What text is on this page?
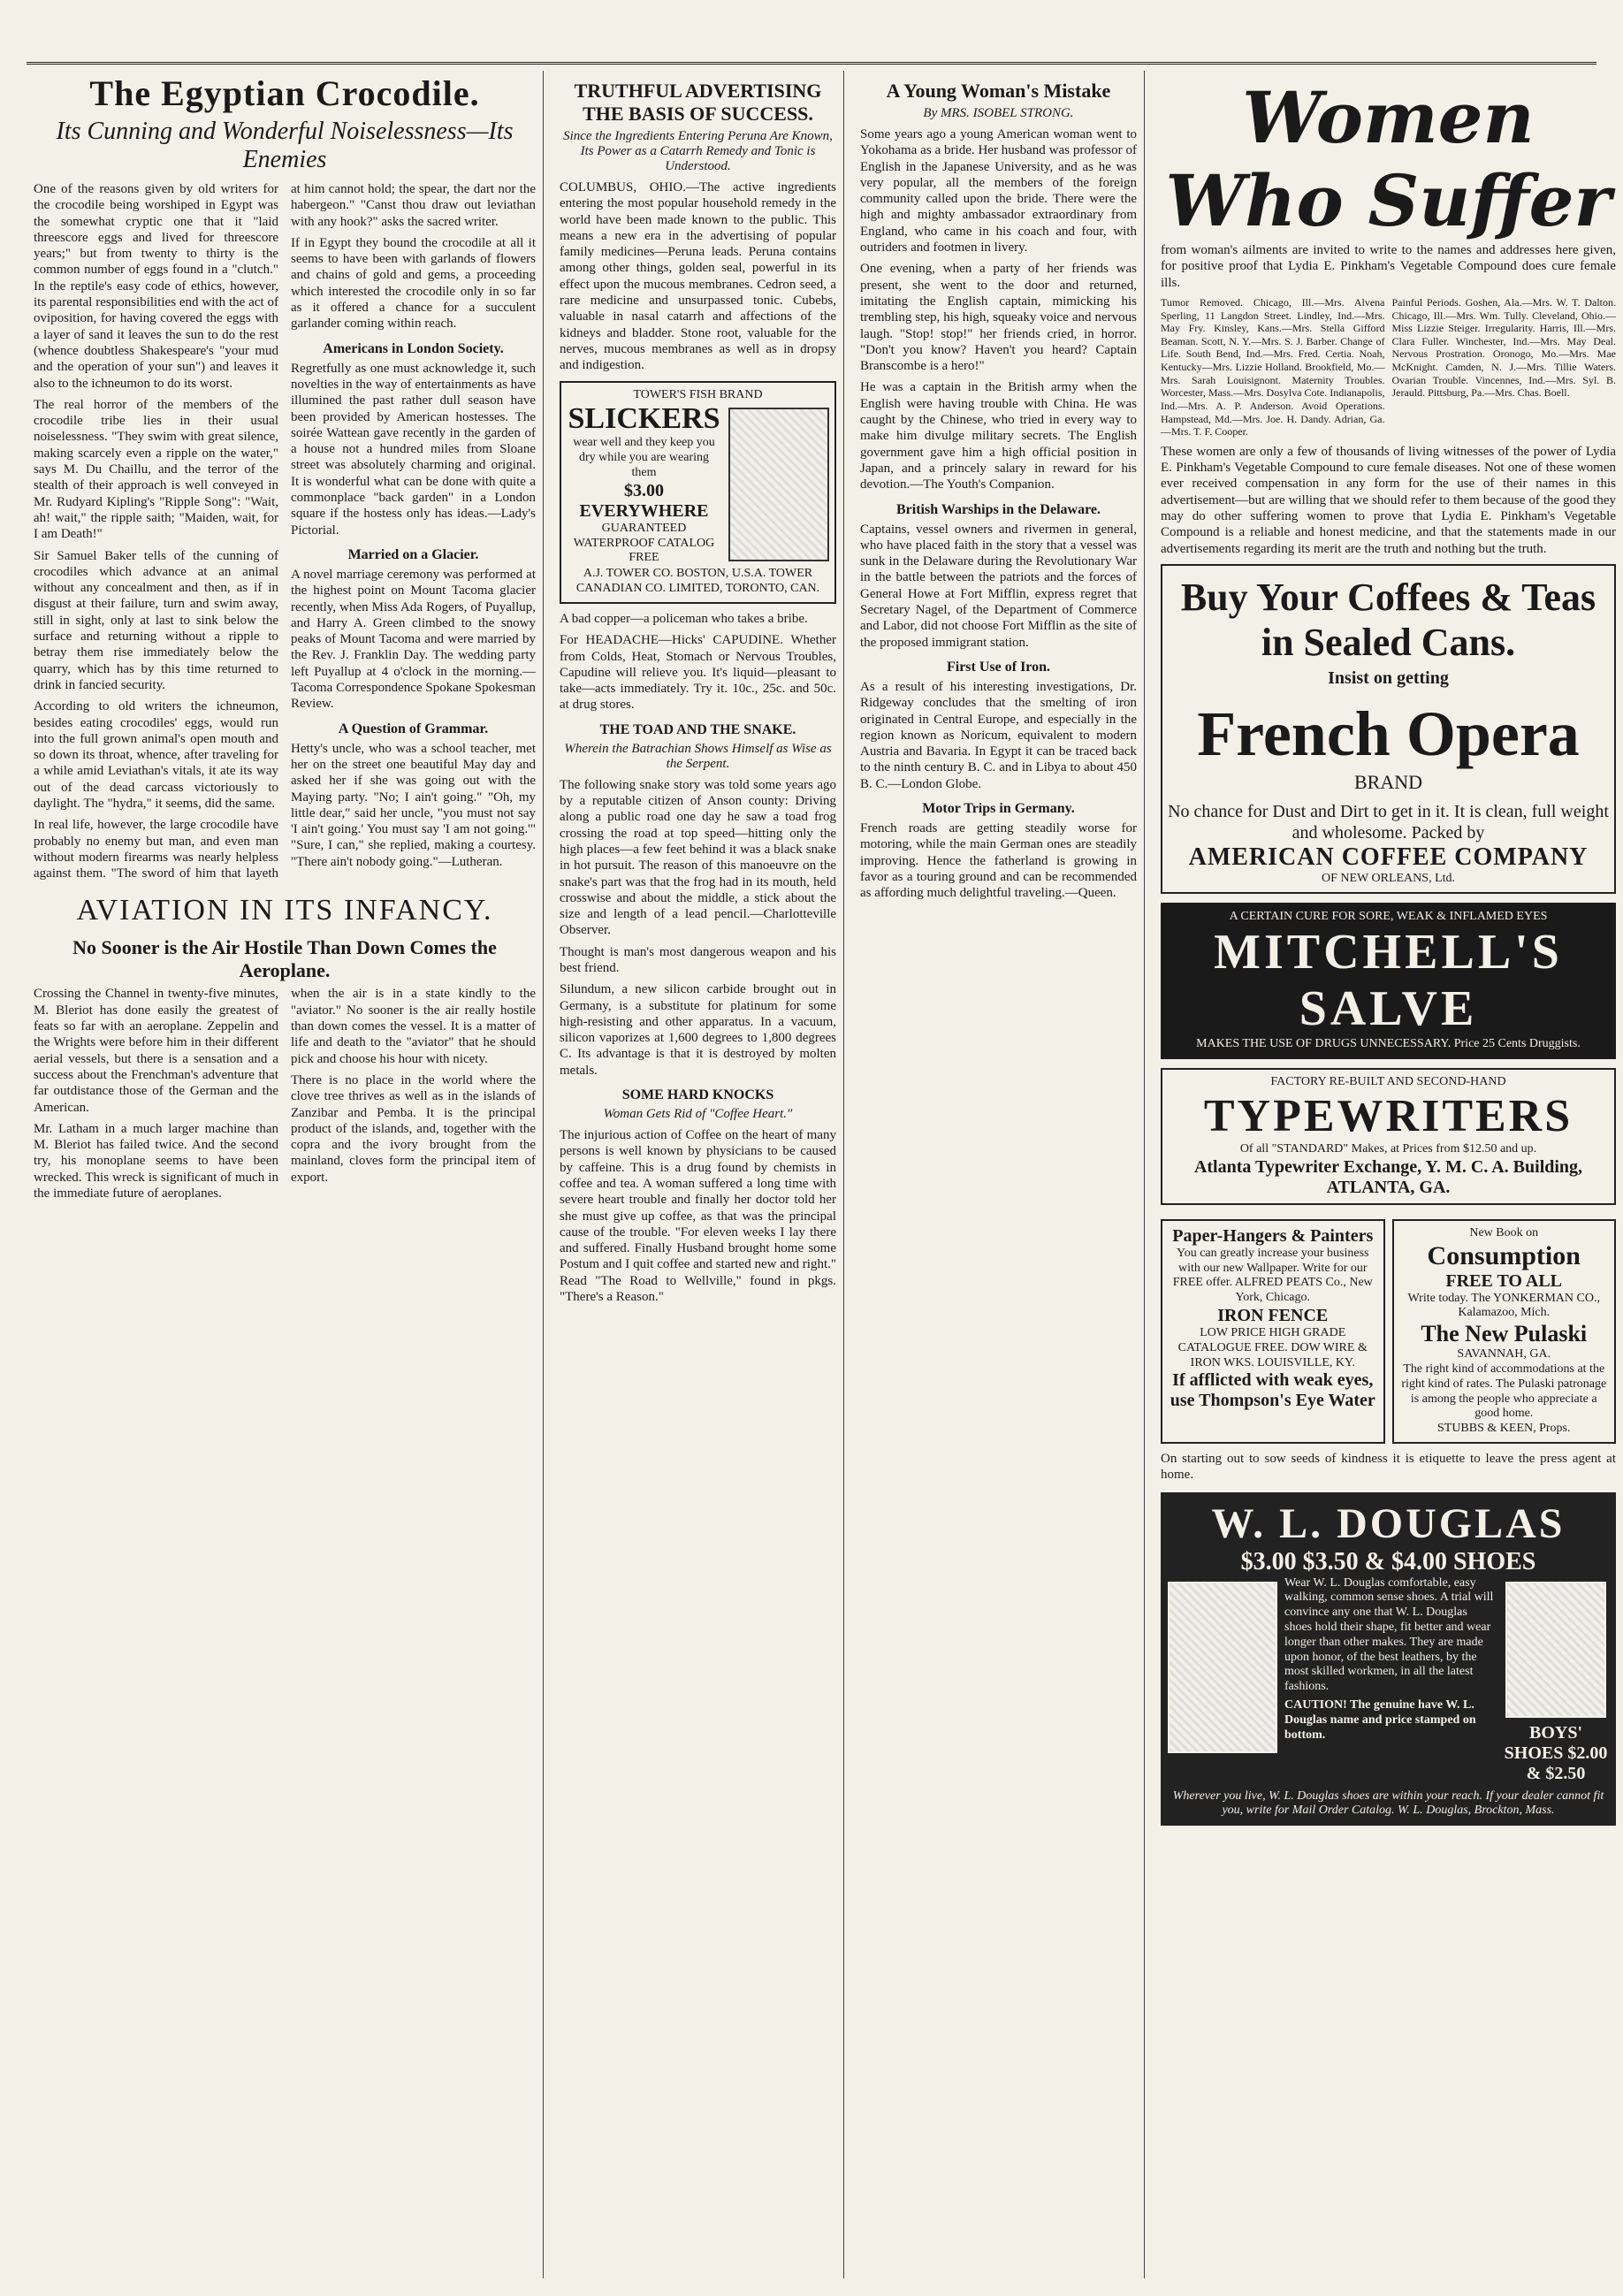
The Egyptian Crocodile.
Its Cunning and Wonderful Noiselessness—Its Enemies

One of the reasons given by old writers for the crocodile being worshiped in Egypt was the somewhat cryptic one that it "laid threescore eggs and lived for threescore years;" but from twenty to thirty is the common number of eggs found in a "clutch." In the reptile's easy code of ethics, however, its parental responsibilities end with the act of oviposition, for having covered the eggs with a layer of sand it leaves the sun to do the rest (whence doubtless Shakespeare's "your mud and the operation of your sun") and leaves it also to the ichneumon to do its worst.

The real horror of the members of the crocodile tribe lies in their usual noiselessness. "They swim with great silence, making scarcely even a ripple on the water," says M. Du Chaillu, and the terror of the stealth of their approach is well conveyed in Mr. Rudyard Kipling's "Ripple Song": "Wait, ah! wait," the ripple saith; "Maiden, wait, for I am Death!"

Sir Samuel Baker tells of the cunning of crocodiles which advance at an animal without any concealment and then, as if in disgust at their failure, turn and swim away, still in sight, only at last to sink below the surface and returning without a ripple to betray them rise immediately below the quarry, which has by this time returned to drink in fancied security.

According to old writers the ichneumon, besides eating crocodiles' eggs, would run into the full grown animal's open mouth and so down its throat, whence, after traveling for a while amid Leviathan's vitals, it ate its way out of the dead carcass victoriously to daylight. The "hydra," it seems, did the same.

In real life, however, the large crocodile have probably no enemy but man, and even man without modern firearms was nearly helpless against them. "The sword of him that layeth at him cannot hold; the spear, the dart nor the habergeon." "Canst thou draw out leviathan with any hook?" asks the sacred writer.

If in Egypt they bound the crocodile at all it seems to have been with garlands of flowers and chains of gold and gems, a proceeding which interested the crocodile only in so far as it offered a chance for a succulent garlander coming within reach.

Americans in London Society.

Regretfully as one must acknowledge it, such novelties in the way of entertainments as have illumined the past rather dull season have been provided by American hostesses. The soirée Wattean gave recently in the garden of a house not a hundred miles from Sloane street was absolutely charming and original. It is wonderful what can be done with quite a commonplace "back garden" in a London square if the hostess only has ideas.—Lady's Pictorial.

Married on a Glacier.

A novel marriage ceremony was performed at the highest point on Mount Tacoma glacier recently, when Miss Ada Rogers, of Puyallup, and Harry A. Green climbed to the snowy peaks of Mount Tacoma and were married by the Rev. J. Franklin Day. The wedding party left Puyallup at 4 o'clock in the morning.—Tacoma Correspondence Spokane Spokesman Review.

A Question of Grammar.

Hetty's uncle, who was a school teacher, met her on the street one beautiful May day and asked her if she was going out with the Maying party. "No; I ain't going." "Oh, my little dear," said her uncle, "you must not say 'I ain't going.' You must say 'I am not going.'" "Sure, I can," she replied, making a courtesy. "There ain't nobody going."—Lutheran.

AVIATION IN ITS INFANCY.
No Sooner is the Air Hostile Than Down Comes the Aeroplane.

Crossing the Channel in twenty-five minutes, M. Bleriot has done easily the greatest of feats so far with an aeroplane. Zeppelin and the Wrights were before him in their different aerial vessels, but there is a sensation and a success about the Frenchman's adventure that far outdistance those of the German and the American.

Mr. Latham in a much larger machine than M. Bleriot has failed twice. And the second try, his monoplane seems to have been wrecked. This wreck is significant of much in the immediate future of aeroplanes.

when the air is in a state kindly to the "aviator." No sooner is the air really hostile than down comes the vessel. It is a matter of life and death to the "aviator" that he should pick and choose his hour with nicety.

There is no place in the world where the clove tree thrives as well as in the islands of Zanzibar and Pemba. It is the principal product of the islands, and, together with the copra and the ivory brought from the mainland, cloves form the principal item of export.

TRUTHFUL ADVERTISING THE BASIS OF SUCCESS.
Since the Ingredients Entering Peruna Are Known, Its Power as a Catarrh Remedy and Tonic is Understood.

COLUMBUS, OHIO.—The active ingredients entering the most popular household remedy in the world have been made known to the public. This means a new era in the advertising of popular family medicines—Peruna leads. Peruna contains among other things, golden seal, powerful in its effect upon the mucous membranes. Cedron seed, a rare medicine and unsurpassed tonic. Cubebs, valuable in nasal catarrh and affections of the kidneys and bladder. Stone root, valuable for the nerves, mucous membranes as well as in dropsy and indigestion.

TOWER'S FISH BRAND
SLICKERS
wear well and they keep you dry while you are wearing them
$3.00 EVERYWHERE
GUARANTEED WATERPROOF CATALOG FREE
A.J. TOWER CO. BOSTON, U.S.A. TOWER CANADIAN CO. LIMITED, TORONTO, CAN.

A bad copper—a policeman who takes a bribe.

For HEADACHE—Hicks' CAPUDINE. Whether from Colds, Heat, Stomach or Nervous Troubles, Capudine will relieve you. It's liquid—pleasant to take—acts immediately. Try it. 10c., 25c. and 50c. at drug stores.

THE TOAD AND THE SNAKE.
Wherein the Batrachian Shows Himself as Wise as the Serpent.

The following snake story was told some years ago by a reputable citizen of Anson county: Driving along a public road one day he saw a toad frog crossing the road at top speed—hitting only the high places—a few feet behind it was a black snake in hot pursuit. The reason of this manoeuvre on the snake's part was that the frog had in its mouth, held crosswise and about the middle, a stick about the size and length of a lead pencil.—Charlotteville Observer.

Thought is man's most dangerous weapon and his best friend.

Silundum, a new silicon carbide brought out in Germany, is a substitute for platinum for some high-resisting and other apparatus. In a vacuum, silicon vaporizes at 1,600 degrees to 1,800 degrees C. Its advantage is that it is destroyed by molten metals.

SOME HARD KNOCKS
Woman Gets Rid of "Coffee Heart."

The injurious action of Coffee on the heart of many persons is well known by physicians to be caused by caffeine. This is a drug found by chemists in coffee and tea. A woman suffered a long time with severe heart trouble and finally her doctor told her she must give up coffee, as that was the principal cause of the trouble. "For eleven weeks I lay there and suffered. Finally Husband brought home some Postum and I quit coffee and started new and right." Read "The Road to Wellville," found in pkgs. "There's a Reason."

A Young Woman's Mistake
By MRS. ISOBEL STRONG.

Some years ago a young American woman went to Yokohama as a bride. Her husband was professor of English in the Japanese University, and as he was very popular, all the members of the foreign community called upon the bride. There were the high and mighty ambassador extraordinary from England, who came in his coach and four, with outriders and footmen in livery.

One evening, when a party of her friends was present, she went to the door and returned, imitating the English captain, mimicking his trembling step, his high, squeaky voice and nervous laugh. "Stop! stop!" her friends cried, in horror. "Don't you know? Haven't you heard? Captain Branscombe is a hero!"

He was a captain in the British army when the English were having trouble with China. He was caught by the Chinese, who tried in every way to make him divulge military secrets. The English government gave him a high official position in Japan, and a princely salary in reward for his devotion.—The Youth's Companion.

British Warships in the Delaware.

Captains, vessel owners and rivermen in general, who have placed faith in the story that a vessel was sunk in the Delaware during the Revolutionary War in the battle between the patriots and the forces of General Howe at Fort Mifflin, express regret that Secretary Nagel, of the Department of Commerce and Labor, did not choose Fort Mifflin as the site of the proposed immigrant station.

First Use of Iron.

As a result of his interesting investigations, Dr. Ridgeway concludes that the smelting of iron originated in Central Europe, and especially in the region known as Noricum, equivalent to modern Austria and Bavaria. In Egypt it can be traced back to the ninth century B. C. and in Libya to about 450 B. C.—London Globe.

Motor Trips in Germany.

French roads are getting steadily worse for motoring, while the main German ones are steadily improving. Hence the fatherland is growing in favor as a touring ground and can be recommended as affording much delightful traveling.—Queen.

Women Who Suffer

from woman's ailments are invited to write to the names and addresses here given, for positive proof that Lydia E. Pinkham's Vegetable Compound does cure female ills.

Tumor Removed. Chicago, Ill.—Mrs. Alvena Sperling, 11 Langdon Street. Lindley, Ind.—Mrs. May Fry. Kinsley, Kans.—Mrs. Stella Gifford Beaman. Scott, N. Y.—Mrs. S. J. Barber. Change of Life. South Bend, Ind.—Mrs. Fred. Certia. Noah, Kentucky—Mrs. Lizzie Holland. Brookfield, Mo.—Mrs. Sarah Louisignont. Maternity Troubles. Worcester, Mass.—Mrs. Dosylva Cote. Indianapolis, Ind.—Mrs. A. P. Anderson. Avoid Operations. Hampstead, Md.—Mrs. Joe. H. Dandy. Adrian, Ga.—Mrs. T. F. Cooper.

Painful Periods. Goshen, Ala.—Mrs. W. T. Dalton. Chicago, Ill.—Mrs. Wm. Tully. Cleveland, Ohio.—Miss Lizzie Steiger. Irregularity. Harris, Ill.—Mrs. Clara Fuller. Winchester, Ind.—Mrs. May Deal. Nervous Prostration. Oronogo, Mo.—Mrs. Mae McKnight. Camden, N. J.—Mrs. Tillie Waters. Ovarian Trouble. Vincennes, Ind.—Mrs. Syl. B. Jerauld. Pittsburg, Pa.—Mrs. Chas. Boell.

These women are only a few of thousands of living witnesses of the power of Lydia E. Pinkham's Vegetable Compound to cure female diseases. Not one of these women ever received compensation in any form for the use of their names in this advertisement—but are willing that we should refer to them because of the good they may do other suffering women to prove that Lydia E. Pinkham's Vegetable Compound is a reliable and honest medicine, and that the statements made in our advertisements regarding its merit are the truth and nothing but the truth.

Buy Your Coffees & Teas in Sealed Cans.
Insist on getting
French Opera
BRAND
No chance for Dust and Dirt to get in it. It is clean, full weight and wholesome. Packed by
AMERICAN COFFEE COMPANY
OF NEW ORLEANS, Ltd.
A CERTAIN CURE FOR SORE, WEAK & INFLAMED EYES
MITCHELL'S SALVE
MAKES THE USE OF DRUGS UNNECESSARY. Price 25 Cents Druggists.
FACTORY RE-BUILT AND SECOND-HAND
TYPEWRITERS
Of all "STANDARD" Makes, at Prices from $12.50 and up.
Atlanta Typewriter Exchange, Y. M. C. A. Building, ATLANTA, GA.
Paper-Hangers & Painters
You can greatly increase your business with our new Wallpaper. Write for our FREE offer. ALFRED PEATS Co., New York, Chicago.
IRON FENCE
LOW PRICE HIGH GRADE CATALOGUE FREE. DOW WIRE & IRON WKS. LOUISVILLE, KY.
If afflicted with weak eyes, use Thompson's Eye Water
New Book on
Consumption
FREE TO ALL
Write today. The YONKERMAN CO., Kalamazoo, Mich.
The New Pulaski
SAVANNAH, GA.
The right kind of accommodations at the right kind of rates. The Pulaski patronage is among the people who appreciate a good home.
STUBBS & KEEN, Props.

On starting out to sow seeds of kindness it is etiquette to leave the press agent at home.

W. L. DOUGLAS
$3.00 $3.50 & $4.00 SHOES
Wear W. L. Douglas comfortable, easy walking, common sense shoes. A trial will convince any one that W. L. Douglas shoes hold their shape, fit better and wear longer than other makes. They are made upon honor, of the best leathers, by the most skilled workmen, in all the latest fashions.
CAUTION! The genuine have W. L. Douglas name and price stamped on bottom.	BOYS' SHOES $2.00 & $2.50
Wherever you live, W. L. Douglas shoes are within your reach. If your dealer cannot fit you, write for Mail Order Catalog. W. L. Douglas, Brockton, Mass.
